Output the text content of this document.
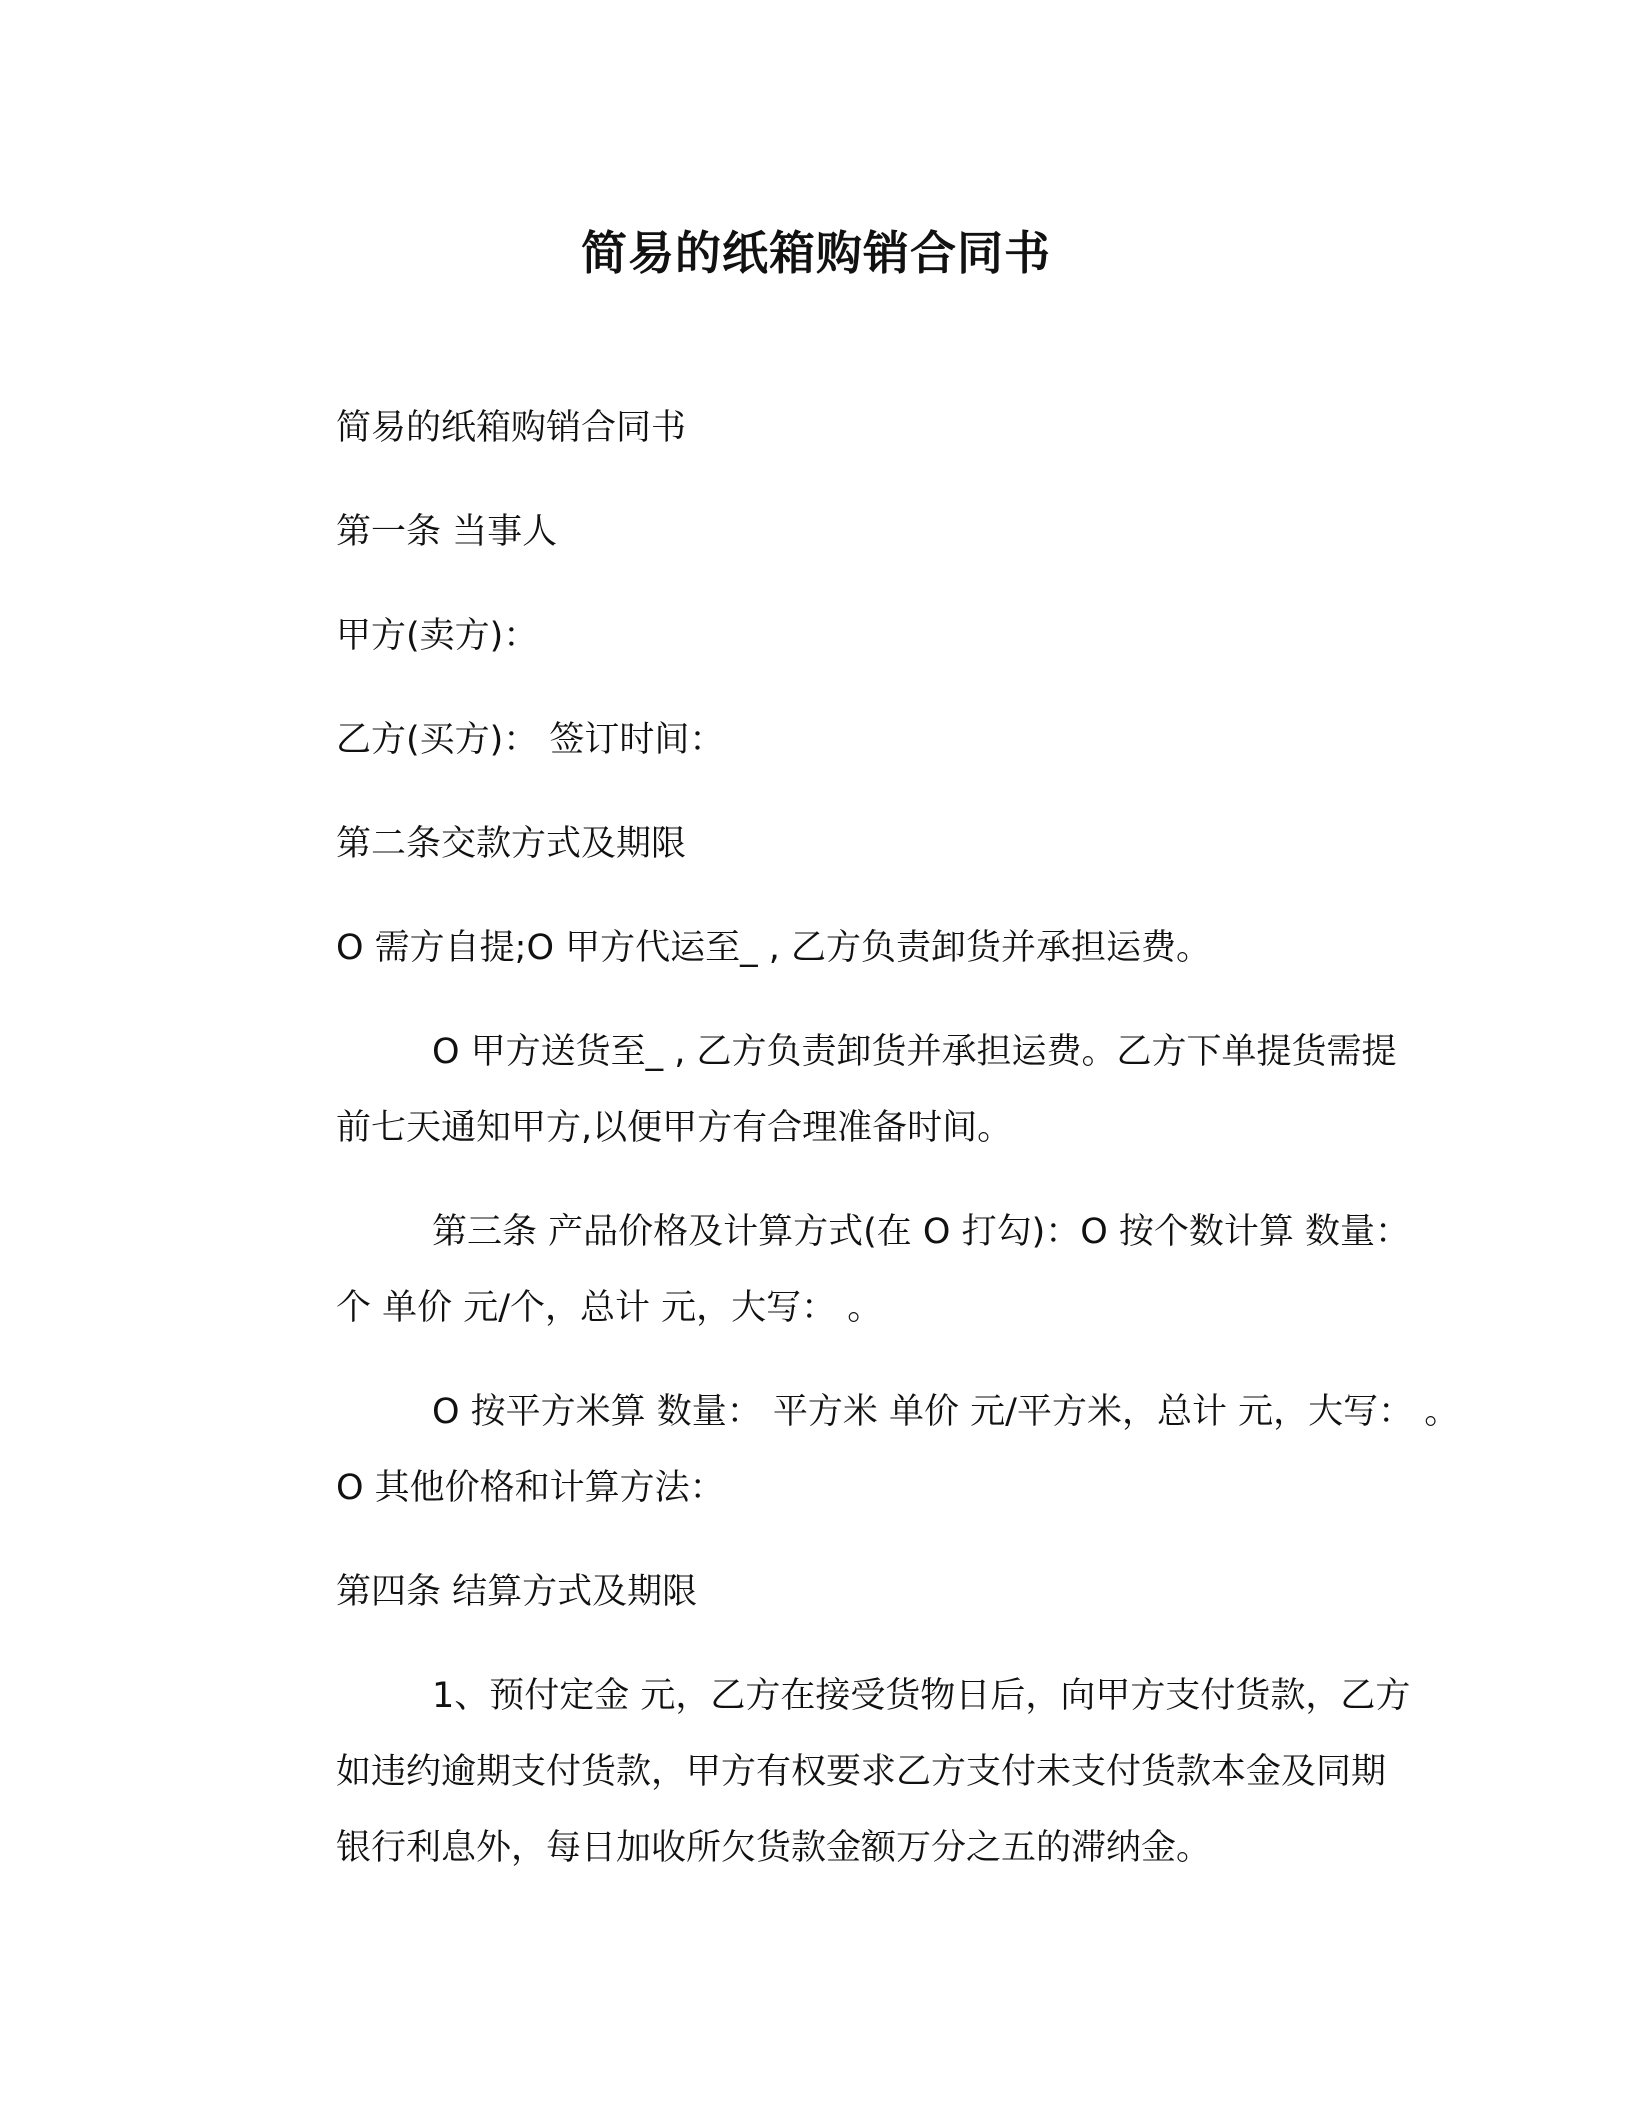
简易的纸箱购销合同书
简易的纸箱购销合同书
第一条 当事人
甲方(卖方)：
乙方(买方)： 签订时间：
第二条交款方式及期限
O 需方自提;O 甲方代运至_ , 乙方负责卸货并承担运费。
O 甲方送货至_ , 乙方负责卸货并承担运费。乙方下单提货需提
前七天通知甲方,以便甲方有合理准备时间。
第三条 产品价格及计算方式(在 O 打勾)：O 按个数计算 数量：
个 单价 元/个，总计 元，大写： 。
O 按平方米算 数量： 平方米 单价 元/平方米，总计 元，大写： 。
O 其他价格和计算方法：
第四条 结算方式及期限
1、预付定金 元，乙方在接受货物日后，向甲方支付货款，乙方
如违约逾期支付货款，甲方有权要求乙方支付未支付货款本金及同期
银行利息外，每日加收所欠货款金额万分之五的滞纳金。
